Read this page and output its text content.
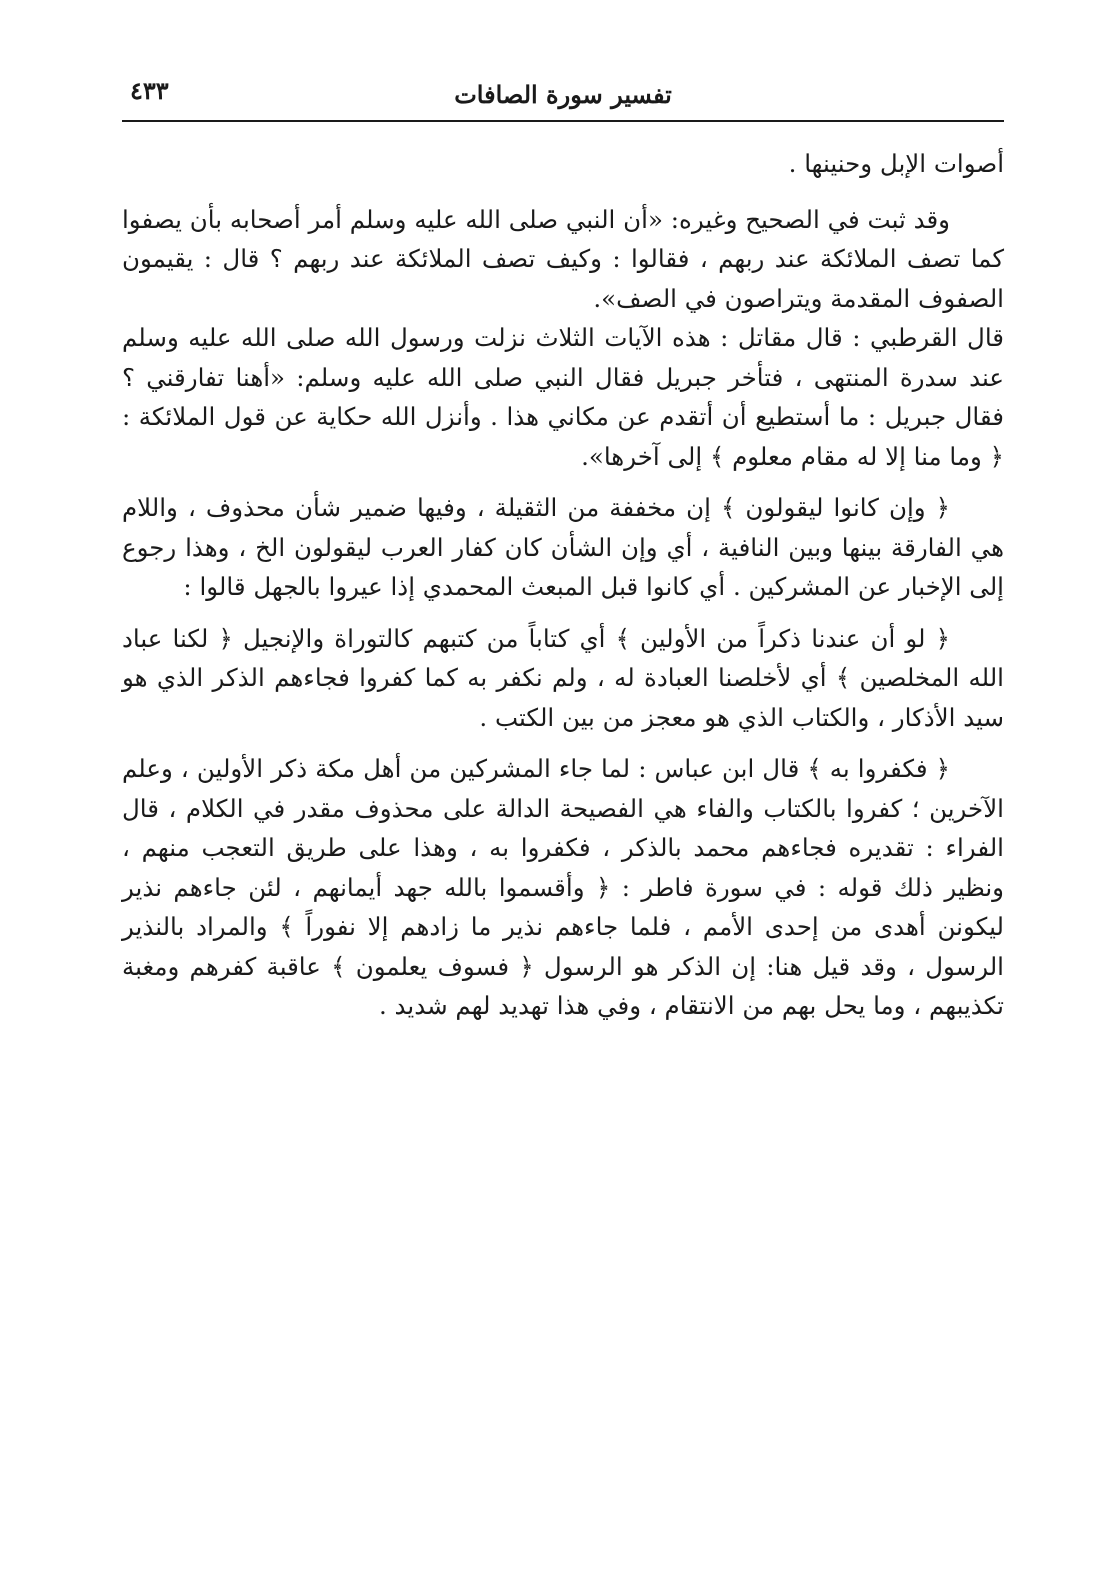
تفسير سورة الصافات
٤٣٣

أصوات الإبل وحنينها .

وقد ثبت في الصحيح وغيره: «أن النبي صلى الله عليه وسلم أمر أصحابه بأن يصفوا كما تصف الملائكة عند ربهم ، فقالوا : وكيف تصف الملائكة عند ربهم ؟ قال : يقيمون الصفوف المقدمة ويتراصون في الصف».

قال القرطبي : قال مقاتل : هذه الآيات الثلاث نزلت ورسول الله صلى الله عليه وسلم عند سدرة المنتهى ، فتأخر جبريل فقال النبي صلى الله عليه وسلم: «أهنا تفارقني ؟ فقال جبريل : ما أستطيع أن أتقدم عن مكاني هذا . وأنزل الله حكاية عن قول الملائكة :﴿ وما منا إلا له مقام معلوم ﴾ إلى آخرها».

﴿ وإن كانوا ليقولون ﴾ إن مخففة من الثقيلة ، وفيها ضمير شأن محذوف ، واللام هي الفارقة بينها وبين النافية ، أي وإن الشأن كان كفار العرب ليقولون الخ ، وهذا رجوع إلى الإخبار عن المشركين . أي كانوا قبل المبعث المحمدي إذا عيروا بالجهل قالوا :

﴿ لو أن عندنا ذكراً من الأولين ﴾ أي كتاباً من كتبهم كالتوراة والإنجيل ﴿ لكنا عباد الله المخلصين ﴾ أي لأخلصنا العبادة له ، ولم نكفر به كما كفروا فجاءهم الذكر الذي هو سيد الأذكار ، والكتاب الذي هو معجز من بين الكتب .

﴿ فكفروا به ﴾ قال ابن عباس : لما جاء المشركين من أهل مكة ذكر الأولين ، وعلم الآخرين ؛ كفروا بالكتاب والفاء هي الفصيحة الدالة على محذوف مقدر في الكلام ، قال الفراء : تقديره فجاءهم محمد بالذكر ، فكفروا به ، وهذا على طريق التعجب منهم ، ونظير ذلك قوله : في سورة فاطر : ﴿ وأقسموا بالله جهد أيمانهم ، لئن جاءهم نذير ليكونن أهدى من إحدى الأمم ، فلما جاءهم نذير ما زادهم إلا نفوراً ﴾ والمراد بالنذير الرسول ، وقد قيل هنا: إن الذكر هو الرسول ﴿ فسوف يعلمون ﴾ عاقبة كفرهم ومغبة تكذيبهم ، وما يحل بهم من الانتقام ، وفي هذا تهديد لهم شديد .
